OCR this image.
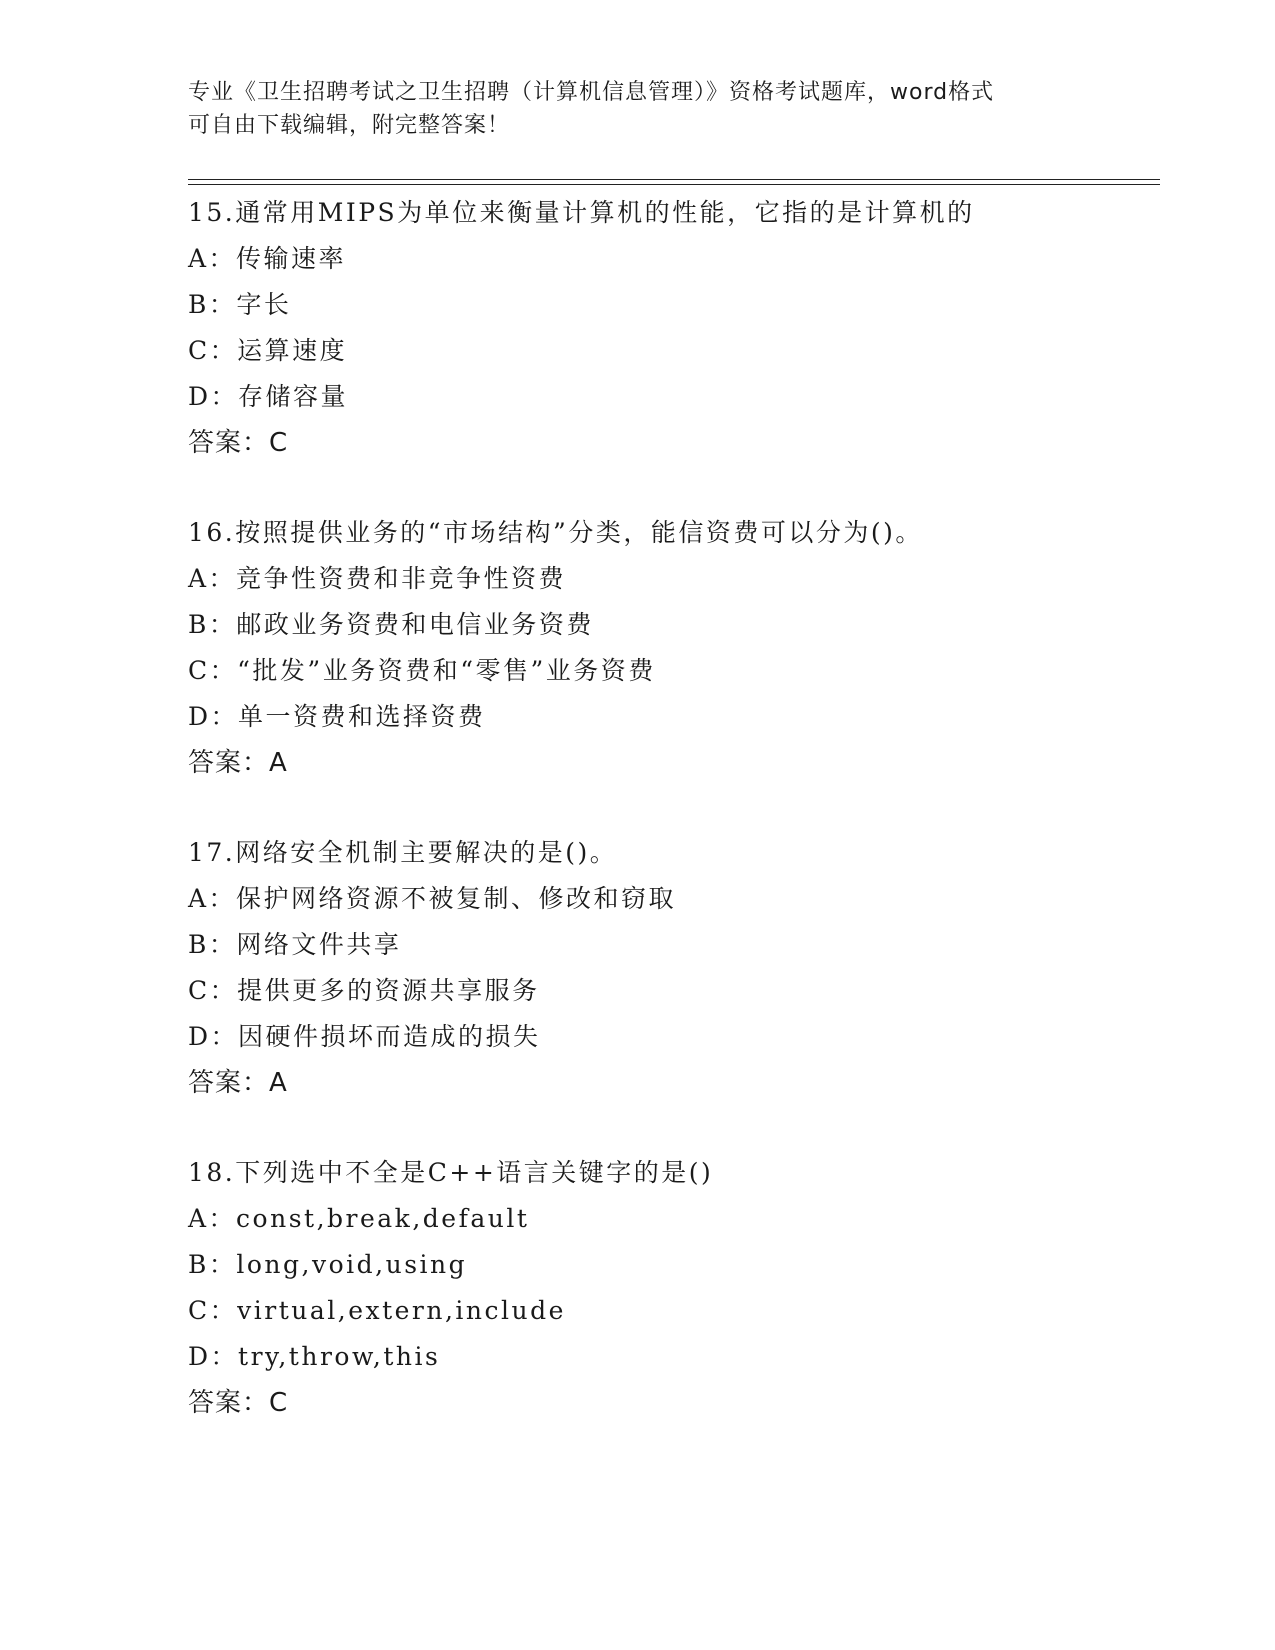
专业《卫生招聘考试之卫生招聘（计算机信息管理）》资格考试题库，word格式
可自由下载编辑，附完整答案！
15.通常用MIPS为单位来衡量计算机的性能，它指的是计算机的
A：传输速率
B：字长
C：运算速度
D：存储容量
答案：C
16.按照提供业务的“市场结构”分类，能信资费可以分为()。
A：竞争性资费和非竞争性资费
B：邮政业务资费和电信业务资费
C：“批发”业务资费和“零售”业务资费
D：单一资费和选择资费
答案：A
17.网络安全机制主要解决的是()。
A：保护网络资源不被复制、修改和窃取
B：网络文件共享
C：提供更多的资源共享服务
D：因硬件损坏而造成的损失
答案：A
18.下列选中不全是C++语言关键字的是()
A：const,break,default
B：long,void,using
C：virtual,extern,include
D：try,throw,this
答案：C
